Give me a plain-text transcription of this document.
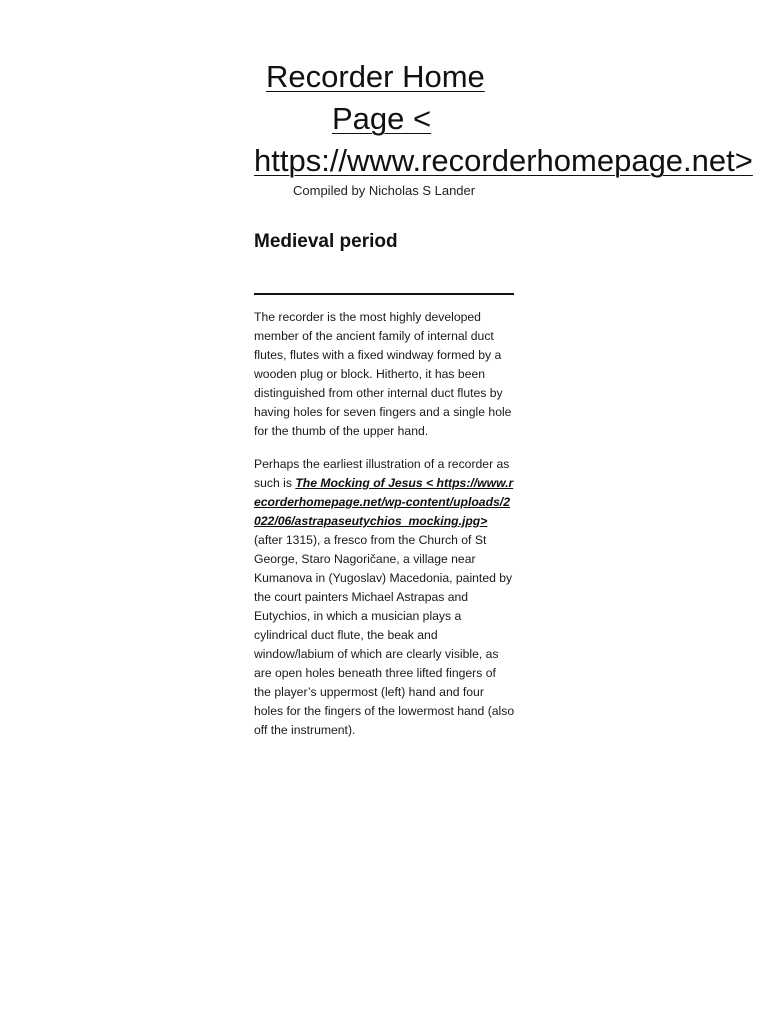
Recorder Home
Page <
https://www.recorderhomepage.net>

Compiled by Nicholas S Lander

Medieval period

The recorder is the most highly developed member of the ancient family of internal duct flutes, flutes with a fixed windway formed by a wooden plug or block. Hitherto, it has been distinguished from other internal duct flutes by having holes for seven fingers and a single hole for the thumb of the upper hand.

Perhaps the earliest illustration of a recorder as such is The Mocking of Jesus < https://www.recorderhomepage.net/wp-content/uploads/2022/06/astrapaseutychios_mocking.jpg> (after 1315), a fresco from the Church of St George, Staro Nagoričane, a village near Kumanova in (Yugoslav) Macedonia, painted by the court painters Michael Astrapas and Eutychios, in which a musician plays a cylindrical duct flute, the beak and window/labium of which are clearly visible, as are open holes beneath three lifted fingers of the player’s uppermost (left) hand and four holes for the fingers of the lowermost hand (also off the instrument).
